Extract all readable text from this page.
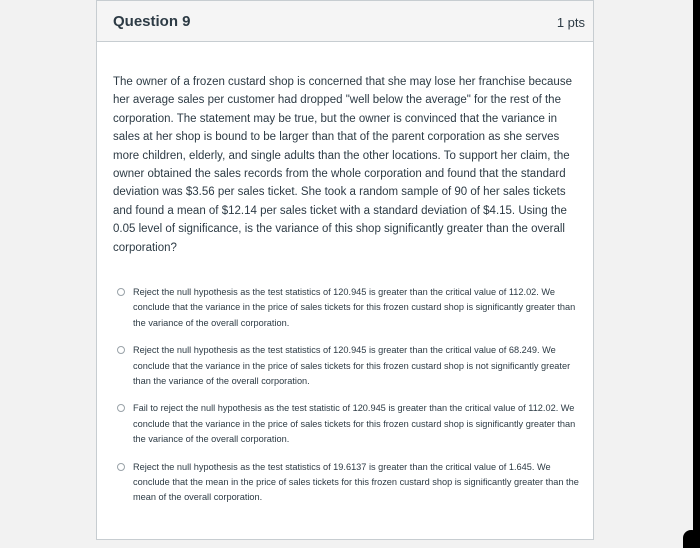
Question 9	1 pts
The owner of a frozen custard shop is concerned that she may lose her franchise because her average sales per customer had dropped "well below the average" for the rest of the corporation. The statement may be true, but the owner is convinced that the variance in sales at her shop is bound to be larger than that of the parent corporation as she serves more children, elderly, and single adults than the other locations. To support her claim, the owner obtained the sales records from the whole corporation and found that the standard deviation was $3.56 per sales ticket. She took a random sample of 90 of her sales tickets and found a mean of $12.14 per sales ticket with a standard deviation of $4.15. Using the 0.05 level of significance, is the variance of this shop significantly greater than the overall corporation?
Reject the null hypothesis as the test statistics of 120.945 is greater than the critical value of 112.02. We conclude that the variance in the price of sales tickets for this frozen custard shop is significantly greater than the variance of the overall corporation.
Reject the null hypothesis as the test statistics of 120.945 is greater than the critical value of 68.249. We conclude that the variance in the price of sales tickets for this frozen custard shop is not significantly greater than the variance of the overall corporation.
Fail to reject the null hypothesis as the test statistic of 120.945 is greater than the critical value of 112.02. We conclude that the variance in the price of sales tickets for this frozen custard shop is significantly greater than the variance of the overall corporation.
Reject the null hypothesis as the test statistics of 19.6137 is greater than the critical value of 1.645. We conclude that the mean in the price of sales tickets for this frozen custard shop is significantly greater than the mean of the overall corporation.
